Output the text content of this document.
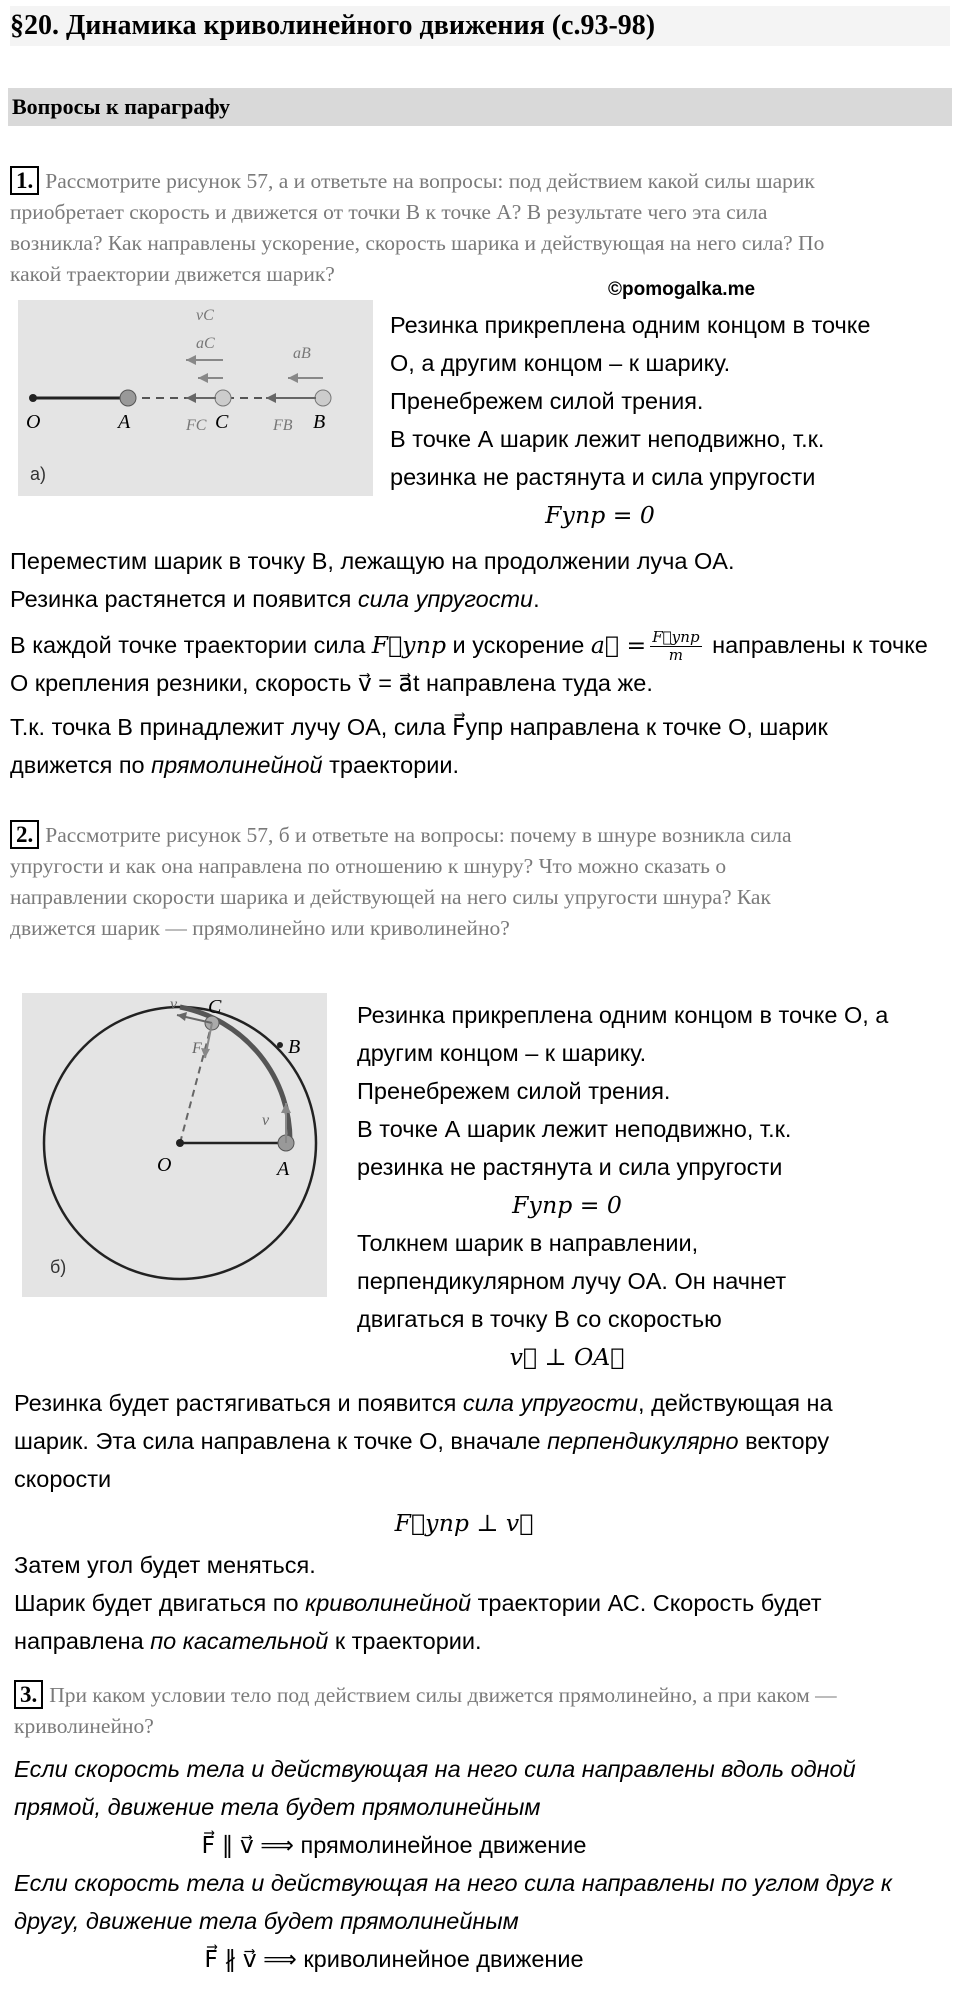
§20. Динамика криволинейного движения (с.93-98)
Вопросы к параграфу
1. Рассмотрите рисунок 57, а и ответьте на вопросы: под действием какой силы шарик
приобретает скорость и движется от точки В к точке А? В результате чего эта сила
возникла? Как направлены ускорение, скорость шарика и действующая на него сила? По
какой траектории движется шарик?
©pomogalka.me
O	A	C	B
vC
aC
aB
FC	FB
а)
Резинка прикреплена одним концом в точке
О, а другим концом – к шарику.
Пренебрежем силой трения.
В точке А шарик лежит неподвижно, т.к.
резинка не растянута и сила упругости
Fупр = 0
Переместим шарик в точку В, лежащую на продолжении луча OA.
Резинка растянется и появится сила упругости.
В каждой точке траектории сила F⃗упр и ускорение a⃗ = $\frac{\text{F⃗упр}}{m}$ направлены к точке
О крепления резники, скорость v⃗ = a⃗t направлена туда же.
Т.к. точка В принадлежит лучу OA, сила F⃗упр направлена к точке О, шарик
движется по прямолинейной траектории.
2. Рассмотрите рисунок 57, б и ответьте на вопросы: почему в шнуре возникла сила
упругости и как она направлена по отношению к шнуру? Что можно сказать о
направлении скорости шарика и действующей на него силы упругости шнура? Как
движется шарик — прямолинейно или криволинейно?
C
B
O	A
v
F
v
б)
Резинка прикреплена одним концом в точке О, а
другим концом – к шарику.
Пренебрежем силой трения.
В точке А шарик лежит неподвижно, т.к.
резинка не растянута и сила упругости
Fупр = 0
Толкнем шарик в направлении,
перпендикулярном лучу OA. Он начнет
двигаться в точку В со скоростью
v⃗ ⊥ OA⃗
Резинка будет растягиваться и появится сила упругости, действующая на
шарик. Эта сила направлена к точке О, вначале перпендикулярно вектору
скорости
F⃗упр ⊥ v⃗
Затем угол будет меняться.
Шарик будет двигаться по криволинейной траектории АС. Скорость будет
направлена по касательной к траектории.
3. При каком условии тело под действием силы движется прямолинейно, а при каком —
криволинейно?
Если скорость тела и действующая на него сила направлены вдоль одной
прямой, движение тела будет прямолинейным
F⃗ ∥ v⃗ ⟹ прямолинейное движение
Если скорость тела и действующая на него сила направлены по углом друг к
другу, движение тела будет прямолинейным
F⃗ ∦ v⃗ ⟹ криволинейное движение
